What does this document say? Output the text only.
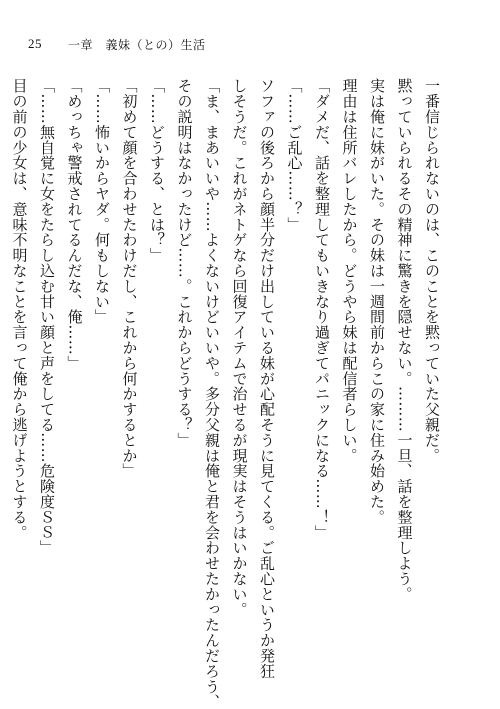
25 一章　義妹（との）生活
一番信じられないのは、このことを黙っていた父親だ。
黙っていられるその精神に驚きを隠せない。………一旦、話を整理しよう。
実は俺に妹がいた。その妹は一週間前からこの家に住み始めた。
理由は住所バレしたから。どうやら妹は配信者らしい。
「ダメだ、話を整理してもいきなり過ぎてパニックになる……！」
「……ご乱心……？」
ソファの後ろから顔半分だけ出している妹が心配そうに見てくる。ご乱心というか発狂
しそうだ。これがネトゲなら回復アイテムで治せるが現実はそうはいかない。
「ま、まあいいや……よくないけどいいや。多分父親は俺と君を会わせたかったんだろう、
その説明はなかったけど……。これからどうする？」
「……どうする、とは？」
「初めて顔を合わせたわけだし、これから何かするとか」
「……怖いからヤダ。何もしない」
「めっちゃ警戒されてるんだな、俺……」
「……無自覚に女をたらし込む甘い顔と声をしてる……危険度ＳＳ」
目の前の少女は、意味不明なことを言って俺から逃げようとする。
